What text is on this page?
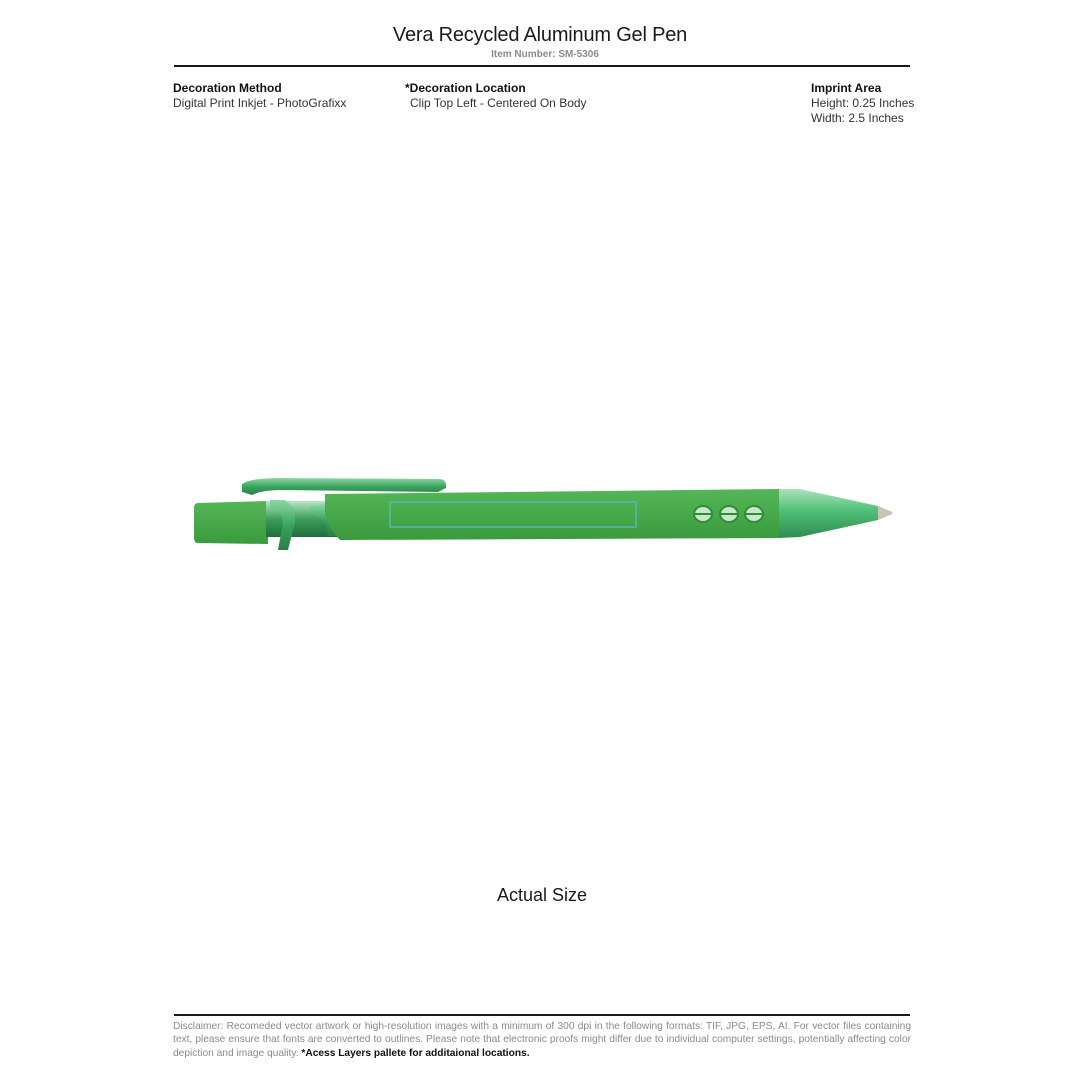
Vera Recycled Aluminum Gel Pen
Item Number: SM-5306
Decoration Method
Digital Print Inkjet - PhotoGrafixx
*Decoration Location
Clip Top Left - Centered On Body
Imprint Area
Height: 0.25 Inches
Width: 2.5 Inches
Actual Size
Disclaimer: Recomeded vector artwork or high-resolution images with a minimum of 300 dpi in the following formats: TIF, JPG, EPS, AI. For vector files containing text, please ensure that fonts are converted to outlines. Please note that electronic proofs might differ due to individual computer settings, potentially affecting color depiction and image quality. *Acess Layers pallete for additaional locations.
